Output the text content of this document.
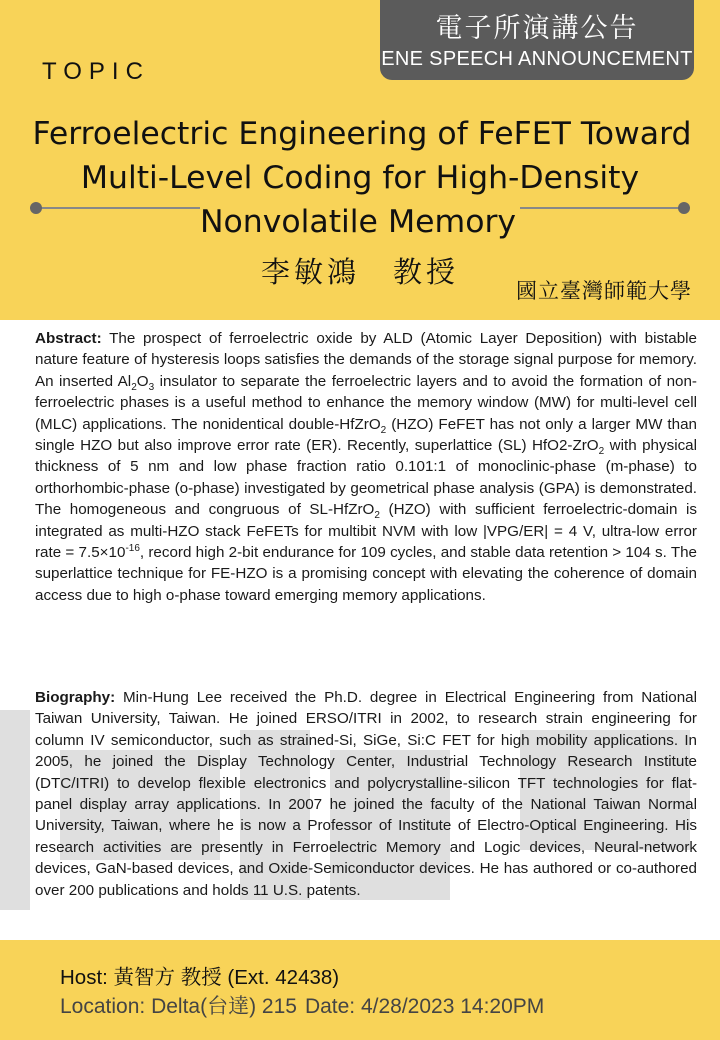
電子所演講公告
ENE SPEECH ANNOUNCEMENT
TOPIC
Ferroelectric Engineering of FeFET Toward Multi-Level Coding for High-Density Nonvolatile Memory
李敏鴻　教授
國立臺灣師範大學
Abstract: The prospect of ferroelectric oxide by ALD (Atomic Layer Deposition) with bistable nature feature of hysteresis loops satisfies the demands of the storage signal purpose for memory. An inserted $Al_2O_3$ insulator to separate the ferroelectric layers and to avoid the formation of non-ferroelectric phases is a useful method to enhance the memory window (MW) for multi-level cell (MLC) applications. The nonidentical double-HfZrO$_2$ (HZO) FeFET has not only a larger MW than single HZO but also improve error rate (ER). Recently, superlattice (SL) HfO2-ZrO$_2$ with physical thickness of 5 nm and low phase fraction ratio 0.101:1 of monoclinic-phase (m-phase) to orthorhombic-phase (o-phase) investigated by geometrical phase analysis (GPA) is demonstrated. The homogeneous and congruous of SL-HfZrO$_2$ (HZO) with sufficient ferroelectric-domain is integrated as multi-HZO stack FeFETs for multibit NVM with low |VPG/ER| = 4 V, ultra-low error rate = $7.5\times 10^{-16}$, record high 2-bit endurance for 109 cycles, and stable data retention > 104 s. The superlattice technique for FE-HZO is a promising concept with elevating the coherence of domain access due to high o-phase toward emerging memory applications.
Biography: Min-Hung Lee received the Ph.D. degree in Electrical Engineering from National Taiwan University, Taiwan. He joined ERSO/ITRI in 2002, to research strain engineering for column IV semiconductor, such as strained-Si, SiGe, Si:C FET for high mobility applications. In 2005, he joined the Display Technology Center, Industrial Technology Research Institute (DTC/ITRI) to develop flexible electronics and polycrystalline-silicon TFT technologies for flat-panel display array applications. In 2007 he joined the faculty of the National Taiwan Normal University, Taiwan, where he is now a Professor of Institute of Electro-Optical Engineering. His research activities are presently in Ferroelectric Memory and Logic devices, Neural-network devices, GaN-based devices, and Oxide-Semiconductor devices. He has authored or co-authored over 200 publications and holds 11 U.S. patents.
Host: 黃智方 教授 (Ext. 42438)
Location: Delta(台達) 215 Date: 4/28/2023 14:20PM
